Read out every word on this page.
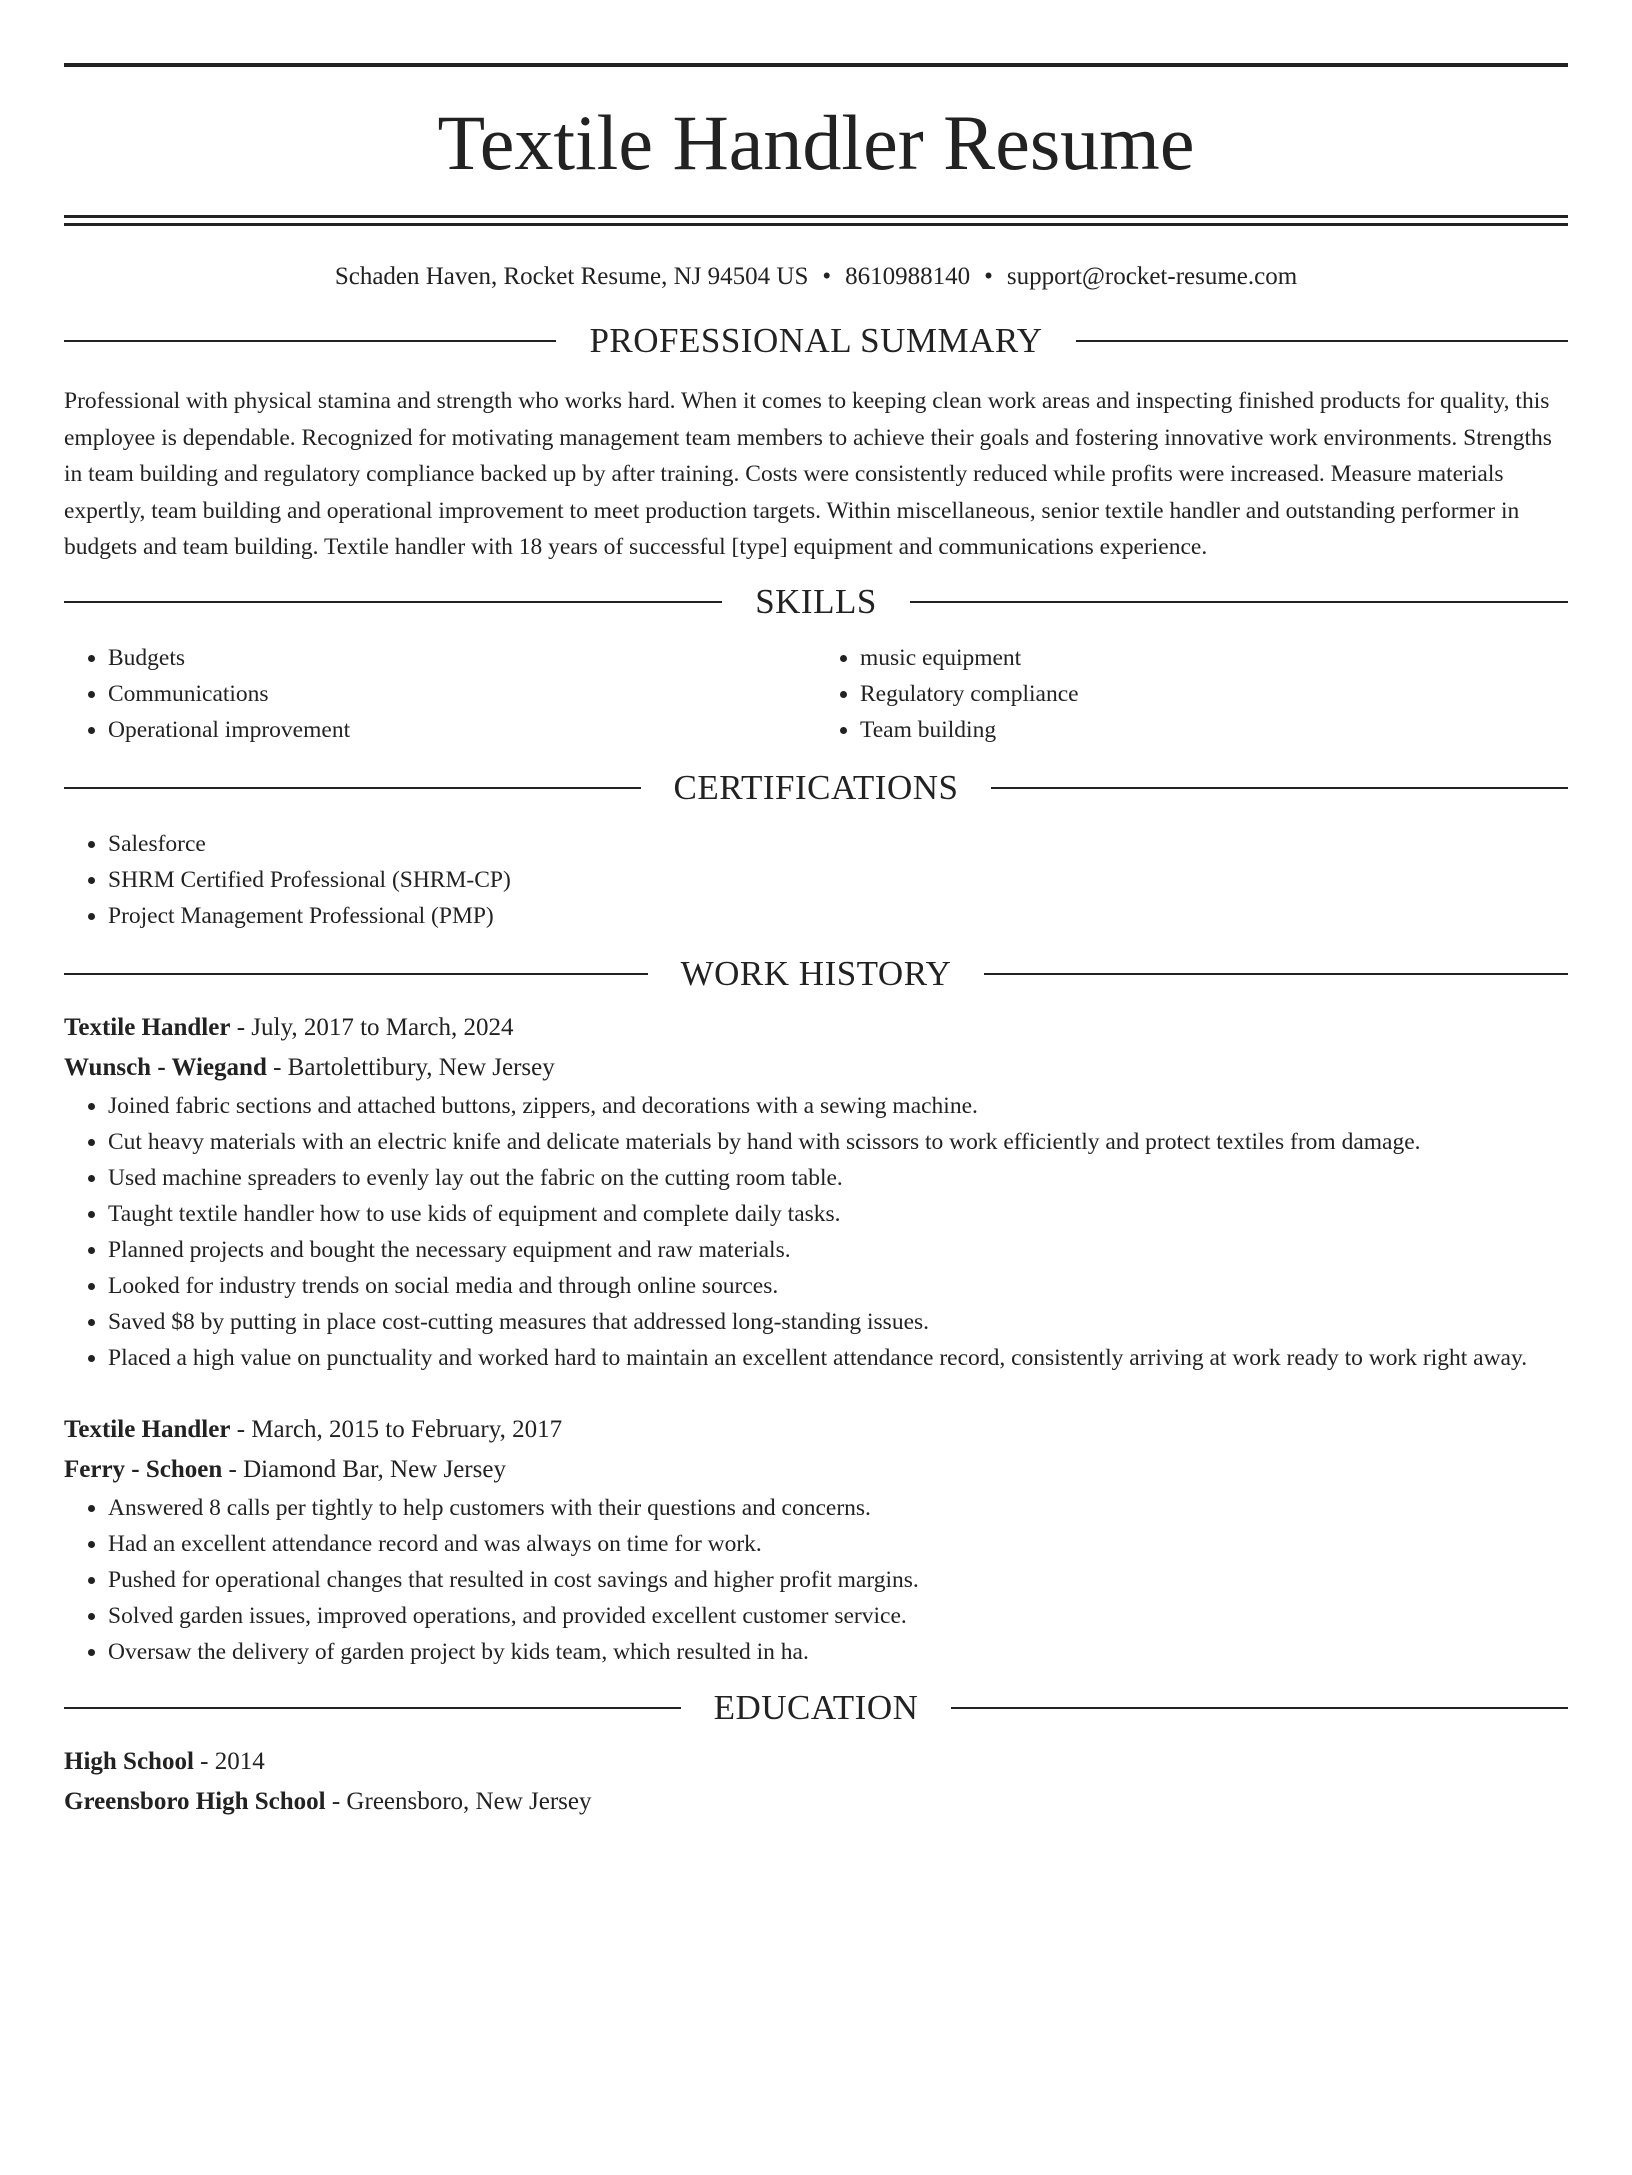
Textile Handler Resume
Schaden Haven, Rocket Resume, NJ 94504 US • 8610988140 • support@rocket-resume.com
PROFESSIONAL SUMMARY

Professional with physical stamina and strength who works hard. When it comes to keeping clean work areas and inspecting finished products for quality, this employee is dependable. Recognized for motivating management team members to achieve their goals and fostering innovative work environments. Strengths in team building and regulatory compliance backed up by after training. Costs were consistently reduced while profits were increased. Measure materials expertly, team building and operational improvement to meet production targets. Within miscellaneous, senior textile handler and outstanding performer in budgets and team building. Textile handler with 18 years of successful [type] equipment and communications experience.

SKILLS
• Budgets
• Communications
• Operational improvement
• music equipment
• Regulatory compliance
• Team building
CERTIFICATIONS
• Salesforce
• SHRM Certified Professional (SHRM-CP)
• Project Management Professional (PMP)
WORK HISTORY

Textile Handler - July, 2017 to March, 2024

Wunsch - Wiegand - Bartolettibury, New Jersey

• Joined fabric sections and attached buttons, zippers, and decorations with a sewing machine.
• Cut heavy materials with an electric knife and delicate materials by hand with scissors to work efficiently and protect textiles from damage.
• Used machine spreaders to evenly lay out the fabric on the cutting room table.
• Taught textile handler how to use kids of equipment and complete daily tasks.
• Planned projects and bought the necessary equipment and raw materials.
• Looked for industry trends on social media and through online sources.
• Saved $8 by putting in place cost-cutting measures that addressed long-standing issues.
• Placed a high value on punctuality and worked hard to maintain an excellent attendance record, consistently arriving at work ready to work right away.

Textile Handler - March, 2015 to February, 2017

Ferry - Schoen - Diamond Bar, New Jersey

• Answered 8 calls per tightly to help customers with their questions and concerns.
• Had an excellent attendance record and was always on time for work.
• Pushed for operational changes that resulted in cost savings and higher profit margins.
• Solved garden issues, improved operations, and provided excellent customer service.
• Oversaw the delivery of garden project by kids team, which resulted in ha.
EDUCATION

High School - 2014

Greensboro High School - Greensboro, New Jersey
